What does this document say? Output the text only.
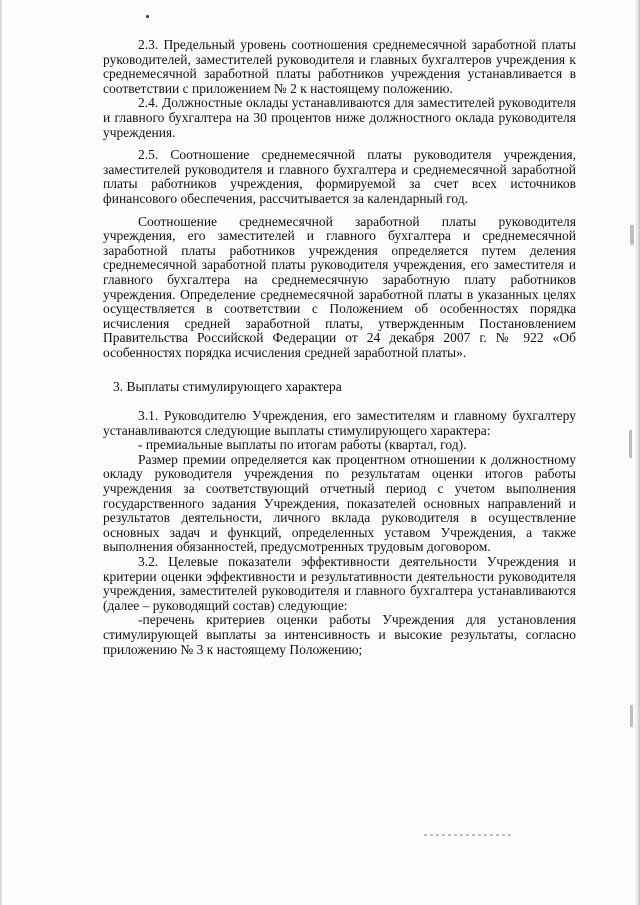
2.3. Предельный уровень соотношения среднемесячной заработной платы руководителей, заместителей руководителя и главных бухгалтеров учреждения к среднемесячной заработной платы работников учреждения устанавливается в соответствии с приложением № 2 к настоящему положению.

2.4. Должностные оклады устанавливаются для заместителей руководителя и главного бухгалтера на 30 процентов ниже должностного оклада руководителя учреждения.

2.5. Соотношение среднемесячной платы руководителя учреждения, заместителей руководителя и главного бухгалтера и среднемесячной заработной платы работников учреждения, формируемой за счет всех источников финансового обеспечения, рассчитывается за календарный год.

Соотношение среднемесячной заработной платы руководителя учреждения, его заместителей и главного бухгалтера и среднемесячной заработной платы работников учреждения определяется путем деления среднемесячной заработной платы руководителя учреждения, его заместителя и главного бухгалтера на среднемесячную заработную плату работников учреждения. Определение среднемесячной заработной платы в указанных целях осуществляется в соответствии с Положением об особенностях порядка исчисления средней заработной платы, утвержденным Постановлением Правительства Российской Федерации от 24 декабря 2007 г. № 922 «Об особенностях порядка исчисления средней заработной платы».

3. Выплаты стимулирующего характера

3.1. Руководителю Учреждения, его заместителям и главному бухгалтеру устанавливаются следующие выплаты стимулирующего характера:

- премиальные выплаты по итогам работы (квартал, год).

Размер премии определяется как процентном отношении к должностному окладу руководителя учреждения по результатам оценки итогов работы учреждения за соответствующий отчетный период с учетом выполнения государственного задания Учреждения, показателей основных направлений и результатов деятельности, личного вклада руководителя в осуществление основных задач и функций, определенных уставом Учреждения, а также выполнения обязанностей, предусмотренных трудовым договором.

3.2. Целевые показатели эффективности деятельности Учреждения и критерии оценки эффективности и результативности деятельности руководителя учреждения, заместителей руководителя и главного бухгалтера устанавливаются (далее – руководящий состав) следующие:

-перечень критериев оценки работы Учреждения для установления стимулирующей выплаты за интенсивность и высокие результаты, согласно приложению № 3 к настоящему Положению;
